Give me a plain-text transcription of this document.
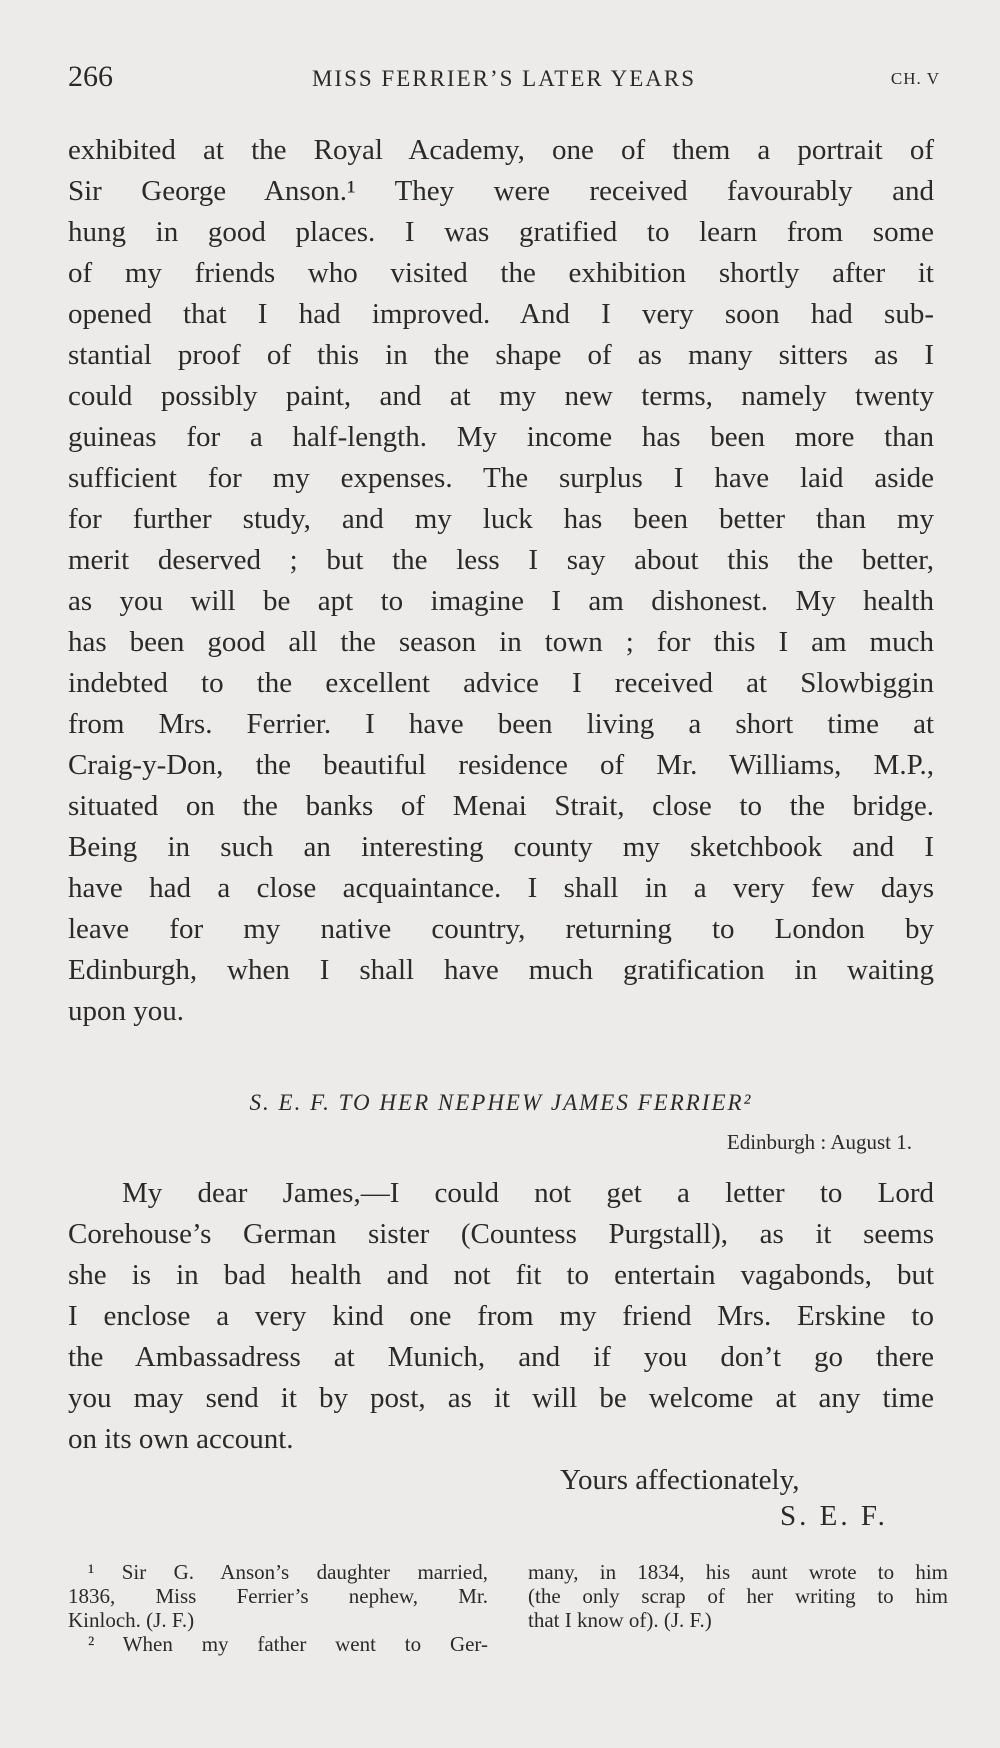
266	MISS FERRIER’S LATER YEARS	CH. V
exhibited at the Royal Academy, one of them a portrait of
Sir George Anson.¹ They were received favourably and
hung in good places. I was gratified to learn from some
of my friends who visited the exhibition shortly after it
opened that I had improved. And I very soon had sub-
stantial proof of this in the shape of as many sitters as I
could possibly paint, and at my new terms, namely twenty
guineas for a half-length. My income has been more than
sufficient for my expenses. The surplus I have laid aside
for further study, and my luck has been better than my
merit deserved ; but the less I say about this the better,
as you will be apt to imagine I am dishonest. My health
has been good all the season in town ; for this I am much
indebted to the excellent advice I received at Slowbiggin
from Mrs. Ferrier. I have been living a short time at
Craig-y-Don, the beautiful residence of Mr. Williams, M.P.,
situated on the banks of Menai Strait, close to the bridge.
Being in such an interesting county my sketchbook and I
have had a close acquaintance. I shall in a very few days
leave for my native country, returning to London by
Edinburgh, when I shall have much gratification in waiting
upon you.
S. E. F. TO HER NEPHEW JAMES FERRIER²
Edinburgh : August 1.
My dear James,—I could not get a letter to Lord
Corehouse’s German sister (Countess Purgstall), as it seems
she is in bad health and not fit to entertain vagabonds, but
I enclose a very kind one from my friend Mrs. Erskine to
the Ambassadress at Munich, and if you don’t go there
you may send it by post, as it will be welcome at any time
on its own account.
Yours affectionately,
S. E. F.
¹ Sir G. Anson’s daughter married,
1836, Miss Ferrier’s nephew, Mr.
Kinloch. (J. F.)
² When my father went to Ger-
many, in 1834, his aunt wrote to him
(the only scrap of her writing to him
that I know of). (J. F.)
